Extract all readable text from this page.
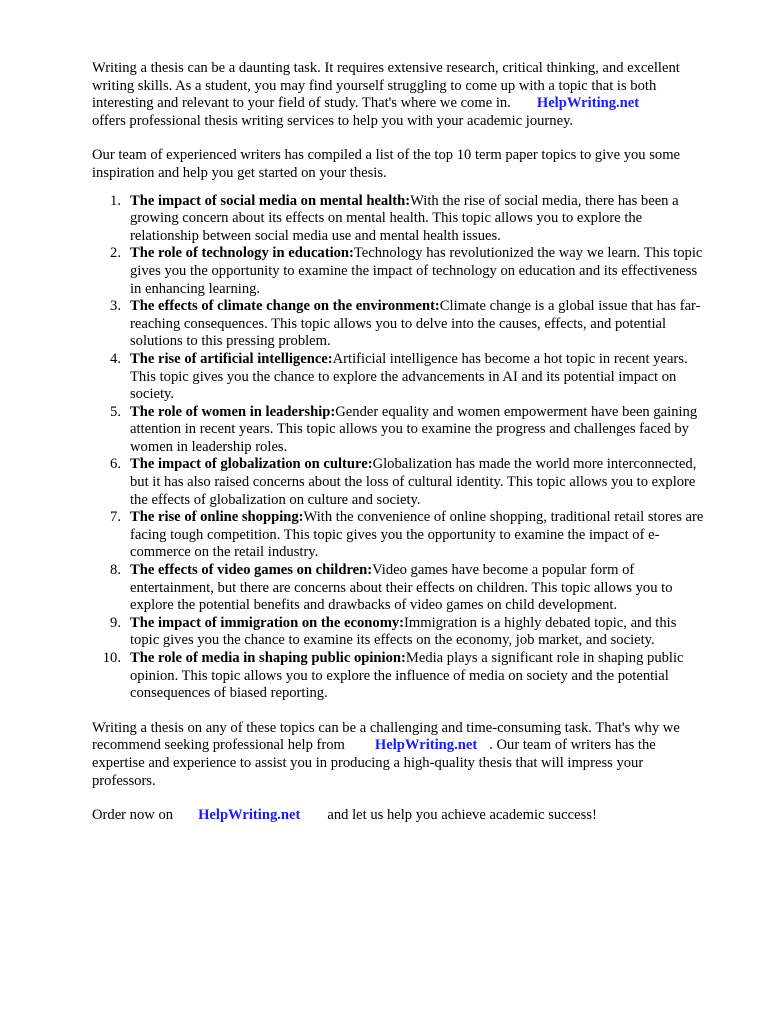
Writing a thesis can be a daunting task. It requires extensive research, critical thinking, and excellent writing skills. As a student, you may find yourself struggling to come up with a topic that is both interesting and relevant to your field of study. That's where we come in. HelpWriting.net
offers professional thesis writing services to help you with your academic journey.

Our team of experienced writers has compiled a list of the top 10 term paper topics to give you some inspiration and help you get started on your thesis.

1. The impact of social media on mental health:With the rise of social media, there has been a growing concern about its effects on mental health. This topic allows you to explore the relationship between social media use and mental health issues.
2. The role of technology in education:Technology has revolutionized the way we learn. This topic gives you the opportunity to examine the impact of technology on education and its effectiveness in enhancing learning.
3. The effects of climate change on the environment:Climate change is a global issue that has far-reaching consequences. This topic allows you to delve into the causes, effects, and potential solutions to this pressing problem.
4. The rise of artificial intelligence:Artificial intelligence has become a hot topic in recent years. This topic gives you the chance to explore the advancements in AI and its potential impact on society.
5. The role of women in leadership:Gender equality and women empowerment have been gaining attention in recent years. This topic allows you to examine the progress and challenges faced by women in leadership roles.
6. The impact of globalization on culture:Globalization has made the world more interconnected, but it has also raised concerns about the loss of cultural identity. This topic allows you to explore the effects of globalization on culture and society.
7. The rise of online shopping:With the convenience of online shopping, traditional retail stores are facing tough competition. This topic gives you the opportunity to examine the impact of e-commerce on the retail industry.
8. The effects of video games on children:Video games have become a popular form of entertainment, but there are concerns about their effects on children. This topic allows you to explore the potential benefits and drawbacks of video games on child development.
9. The impact of immigration on the economy:Immigration is a highly debated topic, and this topic gives you the chance to examine its effects on the economy, job market, and society.
10. The role of media in shaping public opinion:Media plays a significant role in shaping public opinion. This topic allows you to explore the influence of media on society and the potential consequences of biased reporting.

Writing a thesis on any of these topics can be a challenging and time-consuming task. That's why we recommend seeking professional help from HelpWriting.net . Our team of writers has the expertise and experience to assist you in producing a high-quality thesis that will impress your professors.

Order now on HelpWriting.net and let us help you achieve academic success!
